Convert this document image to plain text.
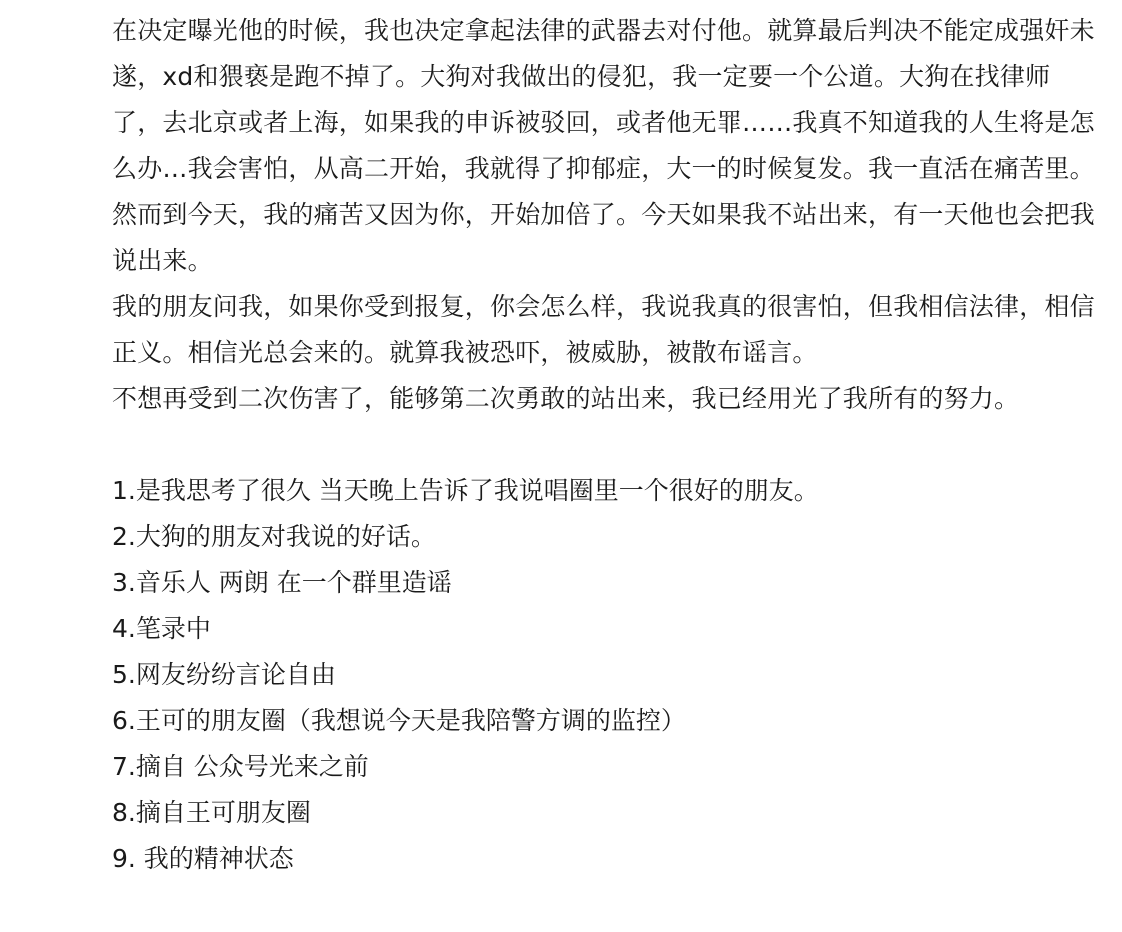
在决定曝光他的时候，我也决定拿起法律的武器去对付他。就算最后判决不能定成强奸未遂，xd和猥亵是跑不掉了。大狗对我做出的侵犯，我一定要一个公道。大狗在找律师了，去北京或者上海，如果我的申诉被驳回，或者他无罪……我真不知道我的人生将是怎么办…我会害怕，从高二开始，我就得了抑郁症，大一的时候复发。我一直活在痛苦里。然而到今天，我的痛苦又因为你，开始加倍了。今天如果我不站出来，有一天他也会把我说出来。

我的朋友问我，如果你受到报复，你会怎么样，我说我真的很害怕，但我相信法律，相信正义。相信光总会来的。就算我被恐吓，被威胁，被散布谣言。

不想再受到二次伤害了，能够第二次勇敢的站出来，我已经用光了我所有的努力。

1.是我思考了很久 当天晚上告诉了我说唱圈里一个很好的朋友。
2.大狗的朋友对我说的好话。
3.音乐人 两朗 在一个群里造谣
4.笔录中
5.网友纷纷言论自由
6.王可的朋友圈（我想说今天是我陪警方调的监控）
7.摘自 公众号光来之前
8.摘自王可朋友圈
9. 我的精神状态
